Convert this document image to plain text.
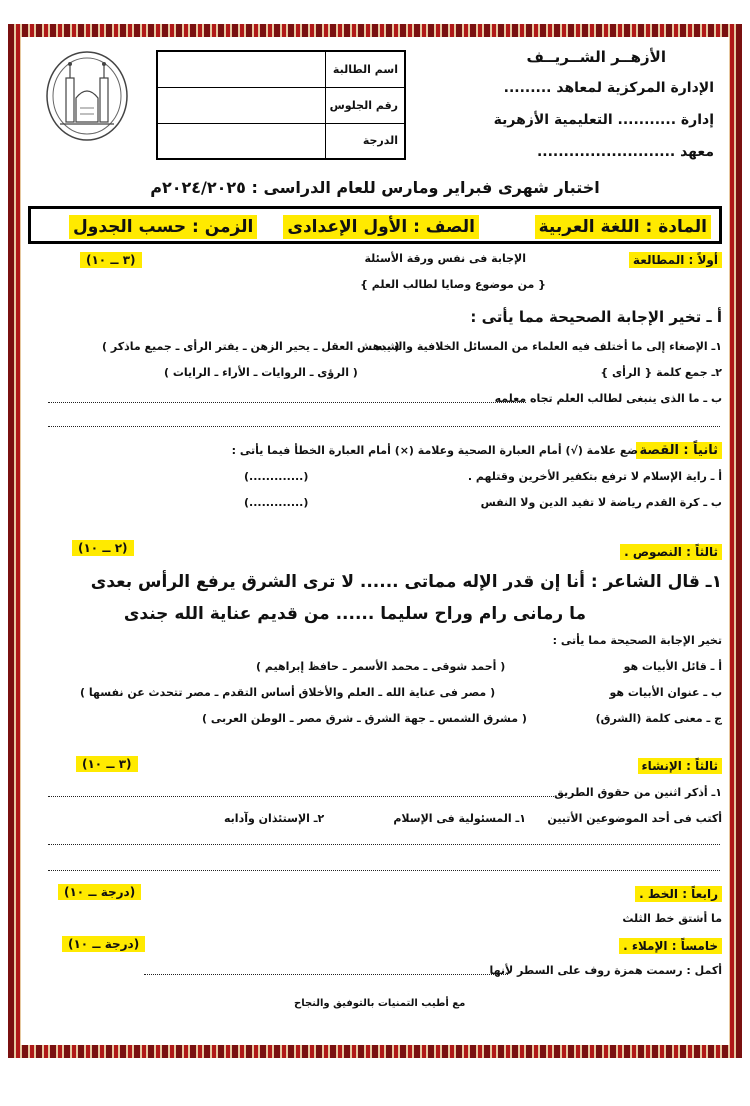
الأزهــر الشــريــف
الإدارة المركزية لمعاهد .........
إدارة ........... التعليمية الأزهرية
معهد ..........................
اسم الطالبة	
رقم الجلوس	
الدرجة	
اختبار شهرى فبراير ومارس للعام الدراسى : ٢٠٢٤/٢٠٢٥م
المادة : اللغة العربية
الصف : الأول الإعدادى
الزمن : حسب الجدول
أولاً : المطالعة
(٣ ــ ١٠)	الإجابة فى نفس ورقة الأسئلة
{ من موضوع وصايا لطالب العلم }
أ ـ تخير الإجابة الصحيحة مما يأتى :
١ـ الإصغاء إلى ما أختلف فيه العلماء من المسائل الخلافية والشبه .
( يدهش العقل ـ يحير الزهن ـ يفتر الرأى ـ جميع ماذكر )
٢ـ جمع كلمة { الرأى }
( الرؤى ـ الروايات ـ الأراء ـ الرايات )
ب ـ ما الذى ينبغى لطالب العلم تجاه معلمه
ثانياً : القصة
ضع علامة (√) أمام العبارة الصحية وعلامة (×) أمام العبارة الخطأ فيما يأتى :
أ ـ راية الإسلام لا ترفع بتكفير الأخرين وقتلهم .
(.............)
ب ـ كرة القدم رياضة لا تفيد الدين ولا النفس
(.............)
ثالثاً : النصوص .
(٢ ــ ١٠)
١ـ قال الشاعر : أنا إن قدر الإله مماتى ...... لا ترى الشرق يرفع الرأس بعدى
ما رمانى رام وراح سليما ...... من قديم عناية الله جندى
تخير الإجابة الصحيحة مما يأتى :
أ ـ قائل الأبيات هو
( أحمد شوقى ـ محمد الأسمر ـ حافظ إبراهيم )
ب ـ عنوان الأبيات هو
( مصر فى عناية الله ـ العلم والأخلاق أساس التقدم ـ مصر تتحدث عن نفسها )
ج ـ معنى كلمة (الشرق)
( مشرق الشمس ـ جهة الشرق ـ شرق مصر ـ الوطن العربى )
ثالثاً : الإنشاء
(٣ ــ ١٠)
١ـ أذكر اثنين من حقوق الطريق
أكتب فى أحد الموضوعين الأتيين
١ـ المسئولية فى الإسلام
٢ـ الإستئذان وآدابه
رابعاً : الخط .
(درجة ــ ١٠)
ما أشتق خط الثلث
خامساً : الإملاء .
(درجة ــ ١٠)
أكمل : رسمت همزة روف على السطر لأنها
مع أطيب التمنيات بالتوفيق والنجاح
